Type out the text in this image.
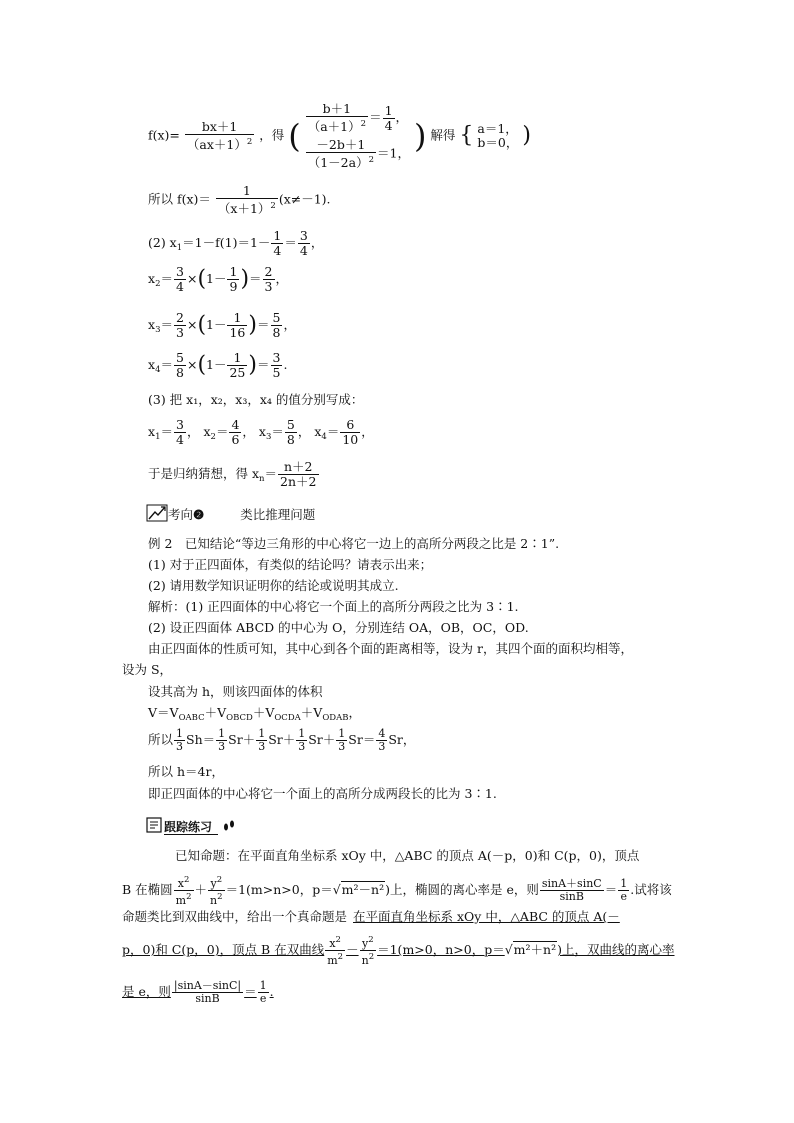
$f(x)= \frac{bx+1}{(ax+1)^2}$ ，得 ( $\frac{b+1}{(a+1)^2} = \frac{1}{4}$ ，
$\frac{-2b+1}{(1-2a)^2} =1$， ) 解得 { a＝1，
b＝0， )
所以 $f(x)= \frac{1}{(x+1)^2} (x\ne-1)$.
(2) $x_1=1-f(1)=1- \frac{1}{4} = \frac{3}{4}$ ，
$x_2= \frac{3}{4} \times(1- \frac{1}{9}$ )＝ $\frac{2}{3}$ ，
$x_3= \frac{2}{3} \times(1- \frac{1}{16}$ )＝ $\frac{5}{8}$ ，
$x_4= \frac{5}{8} \times(1- \frac{1}{25}$ )＝ $\frac{3}{5}$ .
(3) 把 x₁，x₂，x₃，x₄ 的值分别写成：
$x_1= \frac{3}{4}$ ， $x_2= \frac{4}{6}$ ， $x_3= \frac{5}{8}$ ， $x_4= \frac{6}{10}$ ，
于是归纳猜想，得 $x_n= \frac{n+2}{2n+2}$
考向❷	类比推理问题
例 2　已知结论“等边三角形的中心将它一边上的高所分两段之比是 2∶1”.
(1) 对于正四面体，有类似的结论吗？请表示出来；
(2) 请用数学知识证明你的结论或说明其成立.
解析：(1) 正四面体的中心将它一个面上的高所分两段之比为 3∶1.
(2) 设正四面体 ABCD 的中心为 O，分别连结 OA，OB，OC，OD.
由正四面体的性质可知，其中心到各个面的距离相等，设为 r，其四个面的面积均相等，
设为 S，
设其高为 h，则该四面体的体积
$V=V_{OABC}+V_{OBCD}+V_{OCDA}+V_{ODAB}$，
所以 $\frac{1}{3} Sh= \frac{1}{3} Sr+ \frac{1}{3} Sr+ \frac{1}{3} Sr+ \frac{1}{3} Sr= \frac{4}{3}$ Sr，
所以 h＝4r，
即正四面体的中心将它一个面上的高所分成两段长的比为 3∶1.
跟踪练习
已知命题：在平面直角坐标系 xOy 中，△ABC 的顶点 A(－p，0)和 C(p，0)，顶点
B 在椭圆 $\frac{x^2}{m^2} + \frac{y^2}{n^2} =1(m>n>0$，p＝√m²－n²)上，椭圆的离心率是 e，则 $\frac{\sin A+\sin C}{\sin B} = \frac{1}{e}$ .试将该
命题类比到双曲线中，给出一个真命题是 在平面直角坐标系 xOy 中，△ABC 的顶点 A(－
p，0)和 C(p，0)，顶点 B 在双曲线 $\frac{x^2}{m^2} - \frac{y^2}{n^2} =1(m>0$，n>0，p＝√m²＋n²)上，双曲线的离心率
是 e，则 $\frac{|\sin A-\sin C|}{\sin B} = \frac{1}{e}$ .
